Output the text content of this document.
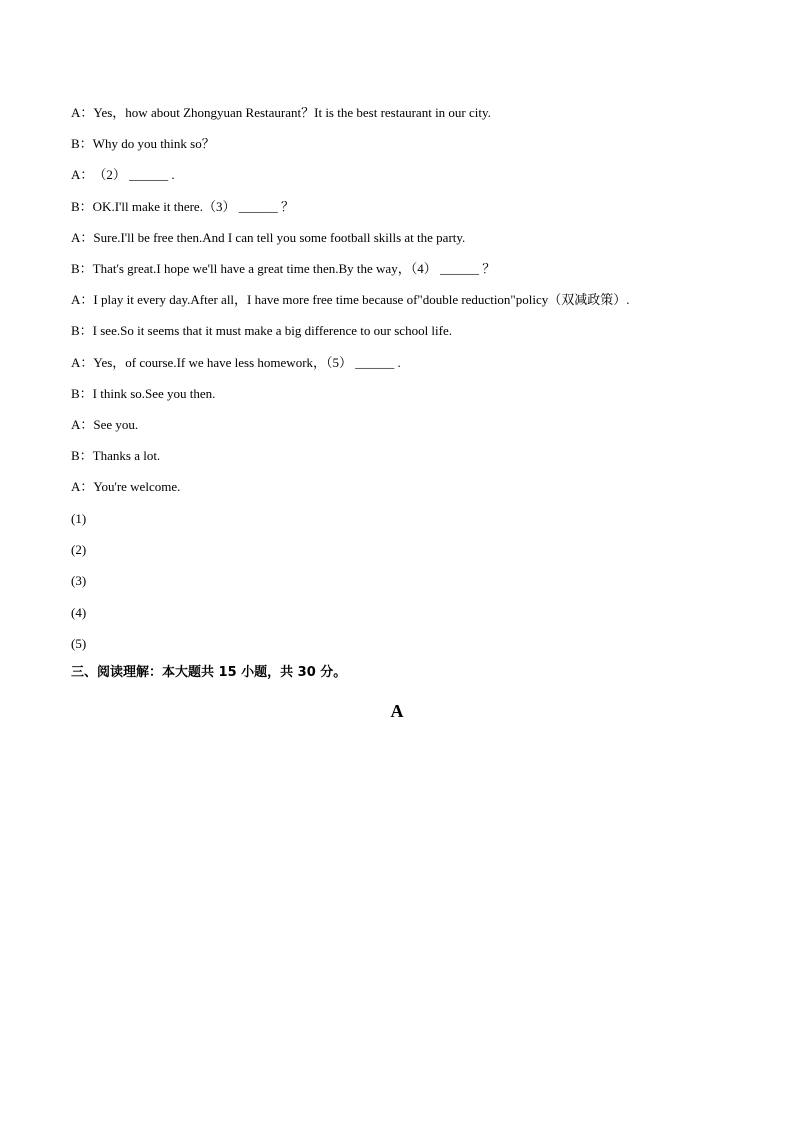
A：Yes，how about Zhongyuan Restaurant？It is the best restaurant in our city.
B：Why do you think so？
A：（2） ______ .
B：OK.I'll make it there.（3） ______ ？
A：Sure.I'll be free then.And I can tell you some football skills at the party.
B：That's great.I hope we'll have a great time then.By the way，（4） ______ ？
A：I play it every day.After all，I have more free time because of"double reduction"policy（双减政策）.
B：I see.So it seems that it must make a big difference to our school life.
A：Yes，of course.If we have less homework，（5） ______ .
B：I think so.See you then.
A：See you.
B：Thanks a lot.
A：You're welcome.
(1)
(2)
(3)
(4)
(5)
三、阅读理解：本大题共 15 小题，共 30 分。
A
